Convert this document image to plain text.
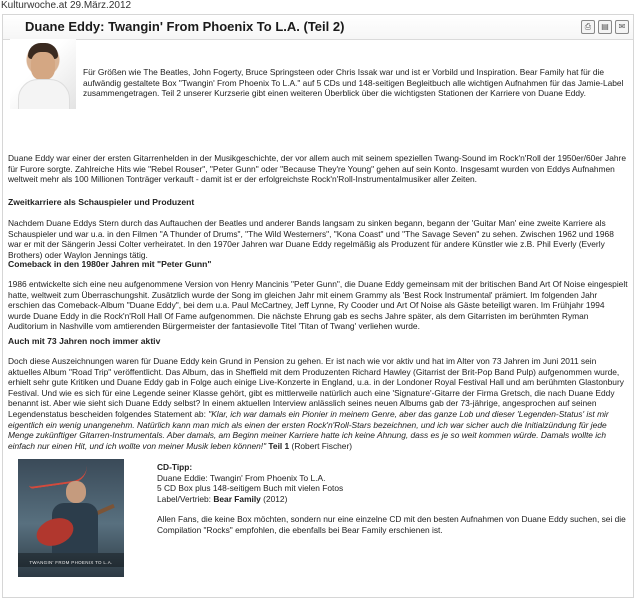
Kulturwoche.at 29.März.2012
Duane Eddy: Twangin' From Phoenix To L.A. (Teil 2)	⎙	▤	✉

Für Größen wie The Beatles, John Fogerty, Bruce Springsteen oder Chris Issak war und ist er Vorbild und Inspiration. Bear Family hat für die aufwändig gestaltete Box "Twangin' From Phoenix To L.A." auf 5 CDs und 148-seitigen Begleitbuch alle wichtigen Aufnahmen für das Jamie-Label zusammengetragen. Teil 2 unserer Kurzserie gibt einen weiteren Überblick über die wichtigsten Stationen der Karriere von Duane Eddy.

Duane Eddy war einer der ersten Gitarrenhelden in der Musikgeschichte, der vor allem auch mit seinem speziellen Twang-Sound im Rock'n'Roll der 1950er/60er Jahre für Furore sorgte. Zahlreiche Hits wie "Rebel Rouser", "Peter Gunn" oder "Because They're Young" gehen auf sein Konto. Insgesamt wurden von Eddys Aufnahmen weltweit mehr als 100 Millionen Tonträger verkauft - damit ist er der erfolgreichste Rock'n'Roll-Instrumentalmusiker aller Zeiten.

Zweitkarriere als Schauspieler und Produzent

Nachdem Duane Eddys Stern durch das Auftauchen der Beatles und anderer Bands langsam zu sinken begann, begann der 'Guitar Man' eine zweite Karriere als Schauspieler und war u.a. in den Filmen "A Thunder of Drums", "The Wild Westerners", "Kona Coast" und "The Savage Seven" zu sehen. Zwischen 1962 und 1968 war er mit der Sängerin Jessi Colter verheiratet. In den 1970er Jahren war Duane Eddy regelmäßig als Produzent für andere Künstler wie z.B. Phil Everly (Everly Brothers) oder Waylon Jennings tätig.

Comeback in den 1980er Jahren mit "Peter Gunn"

1986 entwickelte sich eine neu aufgenommene Version von Henry Mancinis "Peter Gunn", die Duane Eddy gemeinsam mit der britischen Band Art Of Noise eingespielt hatte, weltweit zum Überraschungshit. Zusätzlich wurde der Song im gleichen Jahr mit einem Grammy als 'Best Rock Instrumental' prämiert. Im folgenden Jahr erschien das Comeback-Album "Duane Eddy", bei dem u.a. Paul McCartney, Jeff Lynne, Ry Cooder und Art Of Noise als Gäste beteiligt waren. Im Frühjahr 1994 wurde Duane Eddy in die Rock'n'Roll Hall Of Fame aufgenommen. Die nächste Ehrung gab es sechs Jahre später, als dem Gitarristen im berühmten Ryman Auditorium in Nashville vom amtierenden Bürgermeister der fantasievolle Titel 'Titan of Twang' verliehen wurde.

Auch mit 73 Jahren noch immer aktiv

Doch diese Auszeichnungen waren für Duane Eddy kein Grund in Pension zu gehen. Er ist nach wie vor aktiv und hat im Alter von 73 Jahren im Juni 2011 sein aktuelles Album "Road Trip" veröffentlicht. Das Album, das in Sheffield mit dem Produzenten Richard Hawley (Gitarrist der Brit-Pop Band Pulp) aufgenommen wurde, erhielt sehr gute Kritiken und Duane Eddy gab in Folge auch einige Live-Konzerte in England, u.a. in der Londoner Royal Festival Hall und am berühmten Glastonbury Festival. Und wie es sich für eine Legende seiner Klasse gehört, gibt es mittlerweile natürlich auch eine 'Signature'-Gitarre der Firma Gretsch, die nach Duane Eddy benannt ist. Aber wie sieht sich Duane Eddy selbst? In einem aktuellen Interview anlässlich seines neuen Albums gab der 73-jährige, angesprochen auf seinen Legendenstatus bescheiden folgendes Statement ab: "Klar, ich war damals ein Pionier in meinem Genre, aber das ganze Lob und dieser 'Legenden-Status' ist mir eigentlich ein wenig unangenehm. Natürlich kann man mich als einen der ersten Rock'n'Roll-Stars bezeichnen, und ich war sicher auch die Initialzündung für jede Menge zukünftiger Gitarren-Instrumentals. Aber damals, am Beginn meiner Karriere hatte ich keine Ahnung, dass es je so weit kommen würde. Damals wollte ich einfach nur einen Hit, und ich wollte von meiner Musik leben können!" Teil 1 (Robert Fischer)

TWANGIN' FROM PHOENIX TO L.A.
CD-Tipp:
Duane Eddie: Twangin' From Phoenix To L.A.
5 CD Box plus 148-seitigem Buch mit vielen Fotos
Label/Vertrieb: Bear Family (2012)
Allen Fans, die keine Box möchten, sondern nur eine einzelne CD mit den besten Aufnahmen von Duane Eddy suchen, sei die Compilation "Rocks" empfohlen, die ebenfalls bei Bear Family erschienen ist.
